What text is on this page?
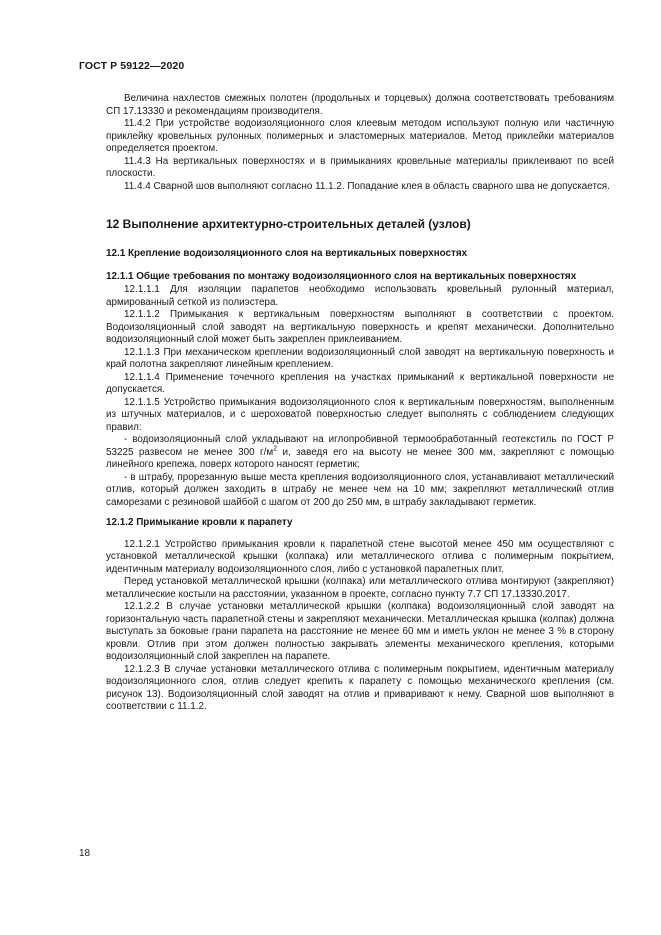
ГОСТ Р 59122—2020

Величина нахлестов смежных полотен (продольных и торцевых) должна соответствовать требованиям СП 17.13330 и рекомендациям производителя.

11.4.2 При устройстве водоизоляционного слоя клеевым методом используют полную или частичную приклейку кровельных рулонных полимерных и эластомерных материалов. Метод приклейки материалов определяется проектом.

11.4.3 На вертикальных поверхностях и в примыканиях кровельные материалы приклеивают по всей плоскости.

11.4.4 Сварной шов выполняют согласно 11.1.2. Попадание клея в область сварного шва не допускается.

12 Выполнение архитектурно-строительных деталей (узлов)
12.1 Крепление водоизоляционного слоя на вертикальных поверхностях
12.1.1 Общие требования по монтажу водоизоляционного слоя на вертикальных поверхностях

12.1.1.1 Для изоляции парапетов необходимо использовать кровельный рулонный материал, армированный сеткой из полиэстера.

12.1.1.2 Примыкания к вертикальным поверхностям выполняют в соответствии с проектом. Водоизоляционный слой заводят на вертикальную поверхность и крепят механически. Дополнительно водоизоляционный слой может быть закреплен приклеиванием.

12.1.1.3 При механическом креплении водоизоляционный слой заводят на вертикальную поверхность и край полотна закрепляют линейным креплением.

12.1.1.4 Применение точечного крепления на участках примыканий к вертикальной поверхности не допускается.

12.1.1.5 Устройство примыкания водоизоляционного слоя к вертикальным поверхностям, выполненным из штучных материалов, и с шероховатой поверхностью следует выполнять с соблюдением следующих правил:

- водоизоляционный слой укладывают на иглопробивной термообработанный геотекстиль по ГОСТ Р 53225 развесом не менее 300 $г/м^2$ и, заведя его на высоту не менее 300 мм, закрепляют с помощью линейного крепежа, поверх которого наносят герметик;

- в штрабу, прорезанную выше места крепления водоизоляционного слоя, устанавливают металлический отлив, который должен заходить в штрабу не менее чем на 10 мм; закрепляют металлический отлив саморезами с резиновой шайбой с шагом от 200 до 250 мм, в штрабу закладывают герметик.

12.1.2 Примыкание кровли к парапету

12.1.2.1 Устройство примыкания кровли к парапетной стене высотой менее 450 мм осуществляют с установкой металлической крышки (колпака) или металлического отлива с полимерным покрытием, идентичным материалу водоизоляционного слоя, либо с установкой парапетных плит.

Перед установкой металлической крышки (колпака) или металлического отлива монтируют (закрепляют) металлические костыли на расстоянии, указанном в проекте, согласно пункту 7.7 СП 17.13330.2017.

12.1.2.2 В случае установки металлической крышки (колпака) водоизоляционный слой заводят на горизонтальную часть парапетной стены и закрепляют механически. Металлическая крышка (колпак) должна выступать за боковые грани парапета на расстояние не менее 60 мм и иметь уклон не менее 3 % в сторону кровли. Отлив при этом должен полностью закрывать элементы механического крепления, которыми водоизоляционный слой закреплен на парапете.

12.1.2.3 В случае установки металлического отлива с полимерным покрытием, идентичным материалу водоизоляционного слоя, отлив следует крепить к парапету с помощью механического крепления (см. рисунок 13). Водоизоляционный слой заводят на отлив и приваривают к нему. Сварной шов выполняют в соответствии с 11.1.2.

18
